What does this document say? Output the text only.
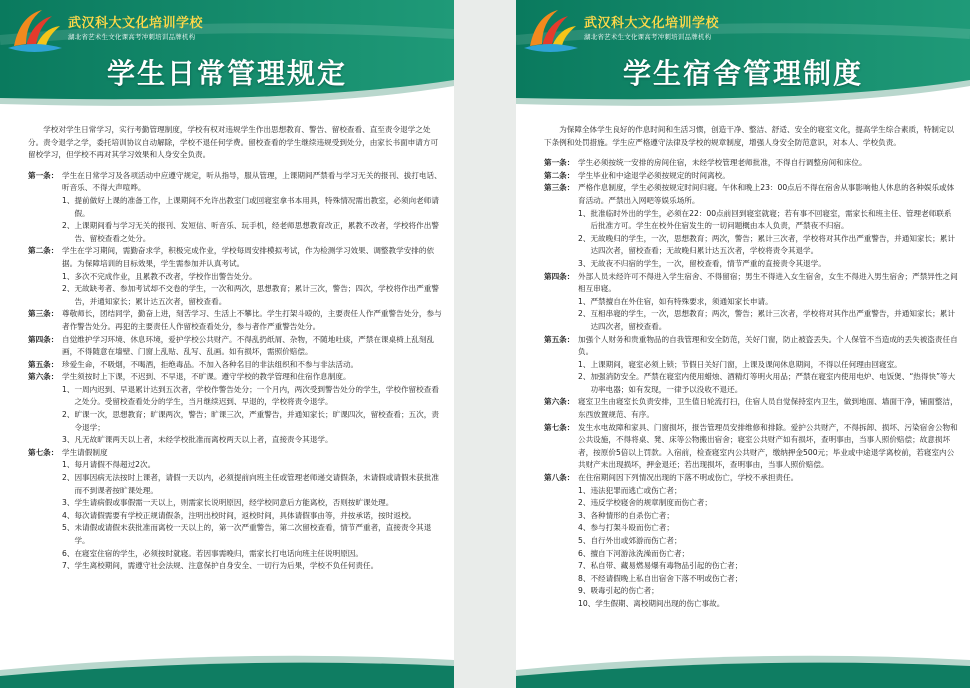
武汉科大文化培训学校
湖北省艺术生文化课高考冲刺培训品牌机构
学生日常管理规定

学校对学生日常学习，实行考勤管理制度，学校有权对违规学生作出思想教育、警告、留校查看、直至责令退学之处分。责令退学之学，委托培训协议自动解除，学校不退任何学费。留校查看的学生继续违规受到处分，由家长书面申请方可留校学习，但学校不再对其学习效果和人身安全负责。

第一条： 学生在日常学习及各项活动中应遵守规定，听从指导，服从管理，上课期间严禁看与学习无关的报刊、拔打电话、听音乐、不得大声喧哗。
1、 提前做好上课的准备工作，上课期间不允许出教室门或回寝室拿书本用具，特殊情况需出教室，必须向老师请假。
2、 上课期间看与学习无关的报刊、发短信、听音乐、玩手机，经老师思想教育改正，累教不改者，学校将作出警告、留校查看之处分。
第二条： 学生在学习期间，需勤奋求学，积极完成作业，学校每周安排模拟考试，作为检测学习效果、调整教学安排的依据。为保障培训的目标效果，学生需参加并认真考试。
1、 多次不完成作业，且累教不改者，学校作出警告处分。
2、 无故缺考者、参加考试却不交卷的学生，一次和两次，思想教育；累计三次，警告；四次，学校将作出严重警告，并通知家长；累计达五次者，留校查看。
第三条： 尊敬师长，团结同学，勤奋上进，刻苦学习、生活上不攀比。学生打架斗殴的，主要责任人作严重警告处分，参与者作警告处分。再犯的主要责任人作留校查看处分，参与者作严重警告处分。
第四条： 自觉维护学习环境、休息环境，爱护学校公共财产。不得乱扔纸屑、杂物，不随地吐痰，严禁在课桌椅上乱刻乱画，不得随意在墙壁、门窗上乱贴、乱写、乱画。如有损坏，需照价赔偿。
第五条： 珍爱生命，不吸烟，不喝酒，拒绝毒品。不加入各种名目的非法组织和不参与非法活动。
第六条： 学生须按时上下课，不迟到、不早退，不旷课。遵守学校的教学管理和住宿作息制度。
1、 一周内迟到、早退累计达到五次者，学校作警告处分；一个月内，两次受到警告处分的学生，学校作留校查看之处分。受留校查看处分的学生，当月继续迟到、早退的，学校将责令退学。
2、 旷课一次，思想教育；旷课两次，警告；旷课三次，严重警告，并通知家长；旷课四次，留校查看；五次，责令退学；
3、 凡无故旷课两天以上者，未经学校批准而离校两天以上者，直接责令其退学。
第七条： 学生请假制度
1、 每月请假不得超过2次。
2、 因事因病无法按时上课者，请假一天以内，必须提前向班主任或管理老师递交请假条，未请假或请假未获批准而不到课者按旷课处理。
3、 学生请病假或事假需一天以上，则需家长说明原因，经学校同意后方能离校，否则按旷课处理。
4、 每次请假需要有学校正规请假条，注明出校时间，返校时间，具体请假事由等，并按承诺，按时返校。
5、 未请假或请假未获批准而离校一天以上的，第一次严重警告，第二次留校查看，情节严重者，直接责令其退学。
6、 在寝室住宿的学生，必须按时就寝。若因事需晚归，需家长打电话向班主任说明原因。
7、 学生离校期间，需遵守社会法规、注意保护自身安全、一切行为后果，学校不负任何责任。
武汉科大文化培训学校
湖北省艺术生文化课高考冲刺培训品牌机构
学生宿舍管理制度

为保障全体学生良好的作息时间和生活习惯，创造干净、整洁、舒适、安全的寝室文化，提高学生综合素质，特制定以下条例和处罚措施。学生应严格遵守法律及学校的规章制度，增强人身安全防范意识，对本人、学校负责。

第一条： 学生必须按统一安排的房间住宿，未经学校管理老师批准，不得自行调整房间和床位。
第二条： 学生毕业和中途退学必须按规定的时间离校。
第三条： 严格作息制度，学生必须按规定时间归寝。午休和晚上23：00点后不得在宿舍从事影响他人休息的各种娱乐或体育活动。严禁出入网吧等娱乐场所。
1、 批准临时外出的学生，必须在22：00点前回到寝室就寝；若有事不回寝室，需家长和班主任、管理老师联系后批准方可。学生在校外住宿发生的一切问题概由本人负责，严禁夜不归宿。
2、 无故晚归的学生，一次，思想教育；两次，警告；累计三次者，学校将对其作出严重警告，并通知家长；累计达四次者，留校查看；无故晚归累计达五次者，学校将责令其退学。
3、 无故夜不归宿的学生，一次，留校查看，情节严重的直接责令其退学。
第四条： 外部人员未经许可不得进入学生宿舍、不得留宿；男生不得进入女生宿舍，女生不得进入男生宿舍；严禁异性之间相互串寝。
1、 严禁擅自在外住宿，如有特殊要求，须通知家长申请。
2、 互相串寝的学生，一次，思想教育；两次，警告；累计三次者，学校将对其作出严重警告，并通知家长；累计达四次者，留校查看。
第五条： 加强个人财务和贵重物品的自我管理和安全防范，关好门窗，防止被盗丢失。个人保管不当造成的丢失被盗责任自负。
1、 上课期间，寝室必须上锁；节假日关好门窗，上课及课间休息期间，不得以任何理由回寝室。
2、 加强消防安全。严禁在寝室内使用蜡烛、酒精灯等明火用品；严禁在寝室内使用电炉、电饭煲、“热得快”等大功率电器；如有发现，一律予以没收不退还。
第六条： 寝室卫生由寝室长负责安排，卫生值日轮流打扫，住宿人员自觉保持室内卫生，做到地面、墙面干净，铺面整洁，东西放置规范、有序。
第七条： 发生水电故障和家具、门窗损坏，报告管理员安排维修和排除。爱护公共财产，不得拆卸、损坏、污染宿舍公物和公共设施，不得将桌、凳、床等公物搬出宿舍；寝室公共财产如有损坏，查明事由，当事人照价赔偿；故意损坏者，按原价5倍以上罚款。入宿前，检查寝室内公共财产，缴纳押金500元；毕业或中途退学离校前，若寝室内公共财产未出现损坏，押金退还；若出现损坏，查明事由，当事人照价赔偿。
第八条： 在住宿期间因下列情况出现的下落不明或伤亡，学校不承担责任。
1、 违法犯罪而逃亡或伤亡者；
2、 违反学校寝舍的规章制度而伤亡者；
3、 各种情形的自杀伤亡者；
4、 参与打架斗殴而伤亡者；
5、 自行外出或郊游而伤亡者；
6、 擅自下河游泳洗澡而伤亡者；
7、 私自带、藏易燃易爆有毒物品引起的伤亡者；
8、 不经请假晚上私自出宿舍下落不明或伤亡者；
9、 吸毒引起的伤亡者；
10、 学生假期、离校期间出现的伤亡事故。
